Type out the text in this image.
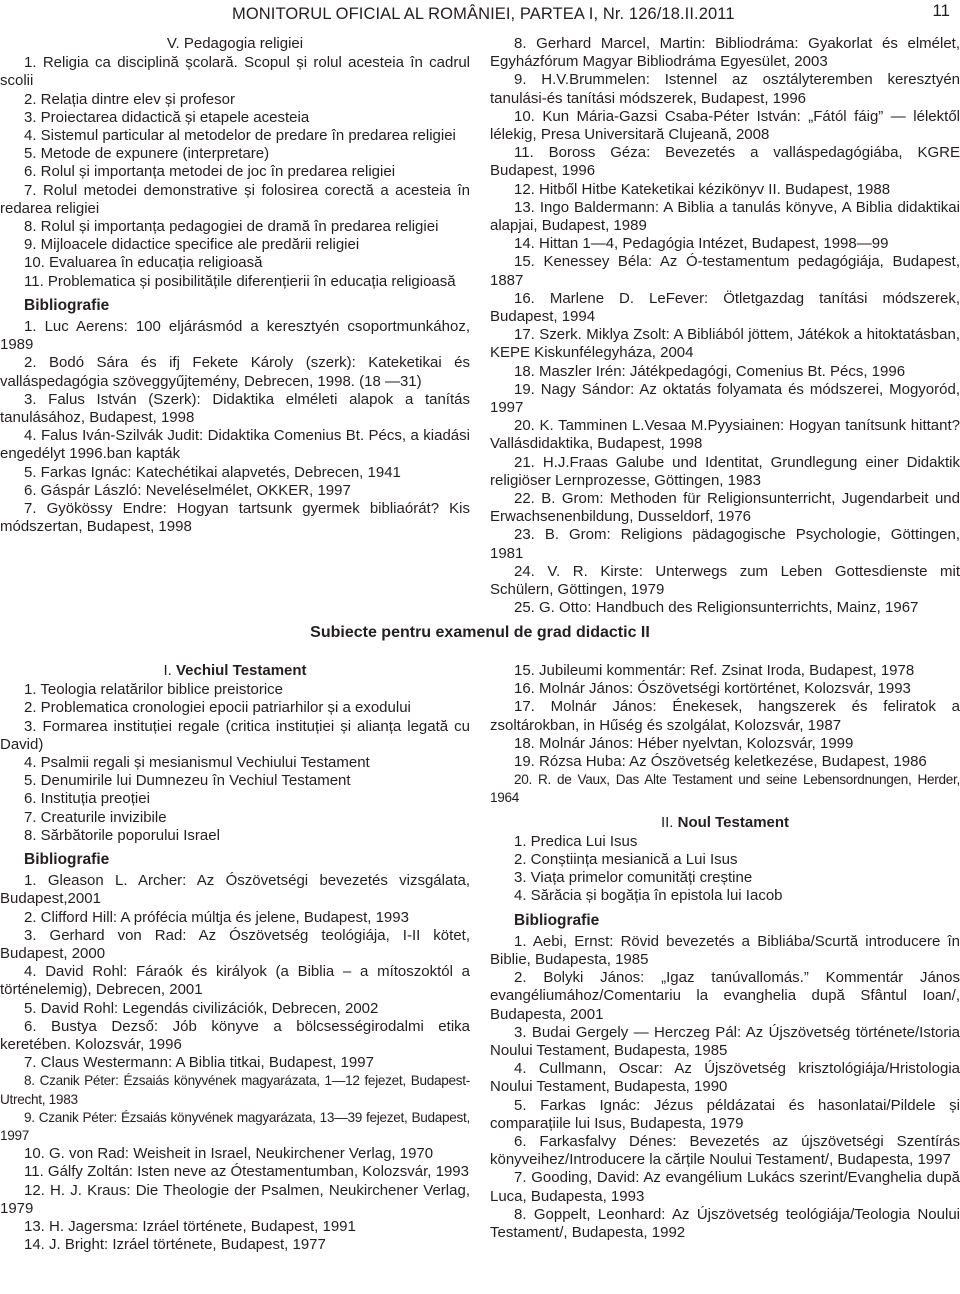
MONITORUL OFICIAL AL ROMÂNIEI, PARTEA I, Nr. 126/18.II.2011	11

V. Pedagogia religiei

1. Religia ca disciplină școlară. Scopul și rolul acesteia în cadrul scolii

2. Relația dintre elev și profesor

3. Proiectarea didactică și etapele acesteia

4. Sistemul particular al metodelor de predare în predarea religiei

5. Metode de expunere (interpretare)

6. Rolul și importanța metodei de joc în predarea religiei

7. Rolul metodei demonstrative și folosirea corectă a acesteia în redarea religiei

8. Rolul și importanța pedagogiei de dramă în predarea religiei

9. Mijloacele didactice specifice ale predării religiei

10. Evaluarea în educația religioasă

11. Problematica și posibilitățile diferențierii în educația religioasă

Bibliografie

1. Luc Aerens: 100 eljárásmód a keresztyén csoportmunkához, 1989

2. Bodó Sára és ifj Fekete Károly (szerk): Kateketikai és valláspedagógia szöveggyűjtemény, Debrecen, 1998. (18 —31)

3. Falus István (Szerk): Didaktika elméleti alapok a tanítás tanulásához, Budapest, 1998

4. Falus Iván-Szilvák Judit: Didaktika Comenius Bt. Pécs, a kiadási engedélyt 1996.ban kapták

5. Farkas Ignác: Katechétikai alapvetés, Debrecen, 1941

6. Gáspár László: Neveléselmélet, OKKER, 1997

7. Gyökössy Endre: Hogyan tartsunk gyermek bibliaórát? Kis módszertan, Budapest, 1998

8. Gerhard Marcel, Martin: Bibliodráma: Gyakorlat és elmélet, Egyházfórum Magyar Bibliodráma Egyesület, 2003

9. H.V.Brummelen: Istennel az osztályteremben keresztyén tanulási-és tanítási módszerek, Budapest, 1996

10. Kun Mária-Gazsi Csaba-Péter István: „Fától fáig” — lélektől lélekig, Presa Universitară Clujeană, 2008

11. Boross Géza: Bevezetés a valláspedagógiába, KGRE Budapest, 1996

12. Hitből Hitbe Kateketikai kézikönyv II. Budapest, 1988

13. Ingo Baldermann: A Biblia a tanulás könyve, A Biblia didaktikai alapjai, Budapest, 1989

14. Hittan 1—4, Pedagógia Intézet, Budapest, 1998—99

15. Kenessey Béla: Az Ó-testamentum pedagógiája, Budapest, 1887

16. Marlene D. LeFever: Ötletgazdag tanítási módszerek, Budapest, 1994

17. Szerk. Miklya Zsolt: A Bibliából jöttem, Játékok a hitoktatásban, KEPE Kiskunfélegyháza, 2004

18. Maszler Irén: Játékpedagógi, Comenius Bt. Pécs, 1996

19. Nagy Sándor: Az oktatás folyamata és módszerei, Mogyoród, 1997

20. K. Tamminen L.Vesaa M.Pyysiainen: Hogyan tanítsunk hittant? Vallásdidaktika, Budapest, 1998

21. H.J.Fraas Galube und Identitat, Grundlegung einer Didaktik religiöser Lernprozesse, Göttingen, 1983

22. B. Grom: Methoden für Religionsunterricht, Jugendarbeit und Erwachsenenbildung, Dusseldorf, 1976

23. B. Grom: Religions pädagogische Psychologie, Göttingen, 1981

24. V. R. Kirste: Unterwegs zum Leben Gottesdienste mit Schülern, Göttingen, 1979

25. G. Otto: Handbuch des Religionsunterrichts, Mainz, 1967

Subiecte pentru examenul de grad didactic II

I. Vechiul Testament

1. Teologia relatărilor biblice preistorice

2. Problematica cronologiei epocii patriarhilor și a exodului

3. Formarea instituției regale (critica instituției și alianța legată cu David)

4. Psalmii regali și mesianismul Vechiului Testament

5. Denumirile lui Dumnezeu în Vechiul Testament

6. Instituția preoției

7. Creaturile invizibile

8. Sărbătorile poporului Israel

Bibliografie

1. Gleason L. Archer: Az Ószövetségi bevezetés vizsgálata, Budapest,2001

2. Clifford Hill: A prófécia múltja és jelene, Budapest, 1993

3. Gerhard von Rad: Az Ószövetség teológiája, I-II kötet, Budapest, 2000

4. David Rohl: Fáraók és királyok (a Biblia – a mítoszoktól a történelemig), Debrecen, 2001

5. David Rohl: Legendás civilizációk, Debrecen, 2002

6. Bustya Dezső: Jób könyve a bölcsességirodalmi etika keretében. Kolozsvár, 1996

7. Claus Westermann: A Biblia titkai, Budapest, 1997

8. Czanik Péter: Ézsaiás könyvének magyarázata, 1—12 fejezet, Budapest-Utrecht, 1983

9. Czanik Péter: Ézsaiás könyvének magyarázata, 13—39 fejezet, Budapest, 1997

10. G. von Rad: Weisheit in Israel, Neukirchener Verlag, 1970

11. Gálfy Zoltán: Isten neve az Ótestamentumban, Kolozsvár, 1993

12. H. J. Kraus: Die Theologie der Psalmen, Neukirchener Verlag, 1979

13. H. Jagersma: Izráel története, Budapest, 1991

14. J. Bright: Izráel története, Budapest, 1977

15. Jubileumi kommentár: Ref. Zsinat Iroda, Budapest, 1978

16. Molnár János: Ószövetségi kortörténet, Kolozsvár, 1993

17. Molnár János: Énekesek, hangszerek és feliratok a zsoltárokban, in Hűség és szolgálat, Kolozsvár, 1987

18. Molnár János: Héber nyelvtan, Kolozsvár, 1999

19. Rózsa Huba: Az Ószövetség keletkezése, Budapest, 1986

20. R. de Vaux, Das Alte Testament und seine Lebensordnungen, Herder, 1964

II. Noul Testament

1. Predica Lui Isus

2. Conștiința mesianică a Lui Isus

3. Viața primelor comunități creștine

4. Sărăcia și bogăția în epistola lui Iacob

Bibliografie

1. Aebi, Ernst: Rövid bevezetés a Bibliába/Scurtă introducere în Biblie, Budapesta, 1985

2. Bolyki János: „Igaz tanúvallomás.” Kommentár János evangéliumához/Comentariu la evanghelia după Sfântul Ioan/, Budapesta, 2001

3. Budai Gergely — Herczeg Pál: Az Újszövetség története/Istoria Noului Testament, Budapesta, 1985

4. Cullmann, Oscar: Az Újszövetség krisztológiája/Hristologia Noului Testament, Budapesta, 1990

5. Farkas Ignác: Jézus példázatai és hasonlatai/Pildele și comparațiile lui Isus, Budapesta, 1979

6. Farkasfalvy Dénes: Bevezetés az újszövetségi Szentírás könyveihez/Introducere la cărțile Noului Testament/, Budapesta, 1997

7. Gooding, David: Az evangélium Lukács szerint/Evanghelia după Luca, Budapesta, 1993

8. Goppelt, Leonhard: Az Újszövetség teológiája/Teologia Noului Testament/, Budapesta, 1992
